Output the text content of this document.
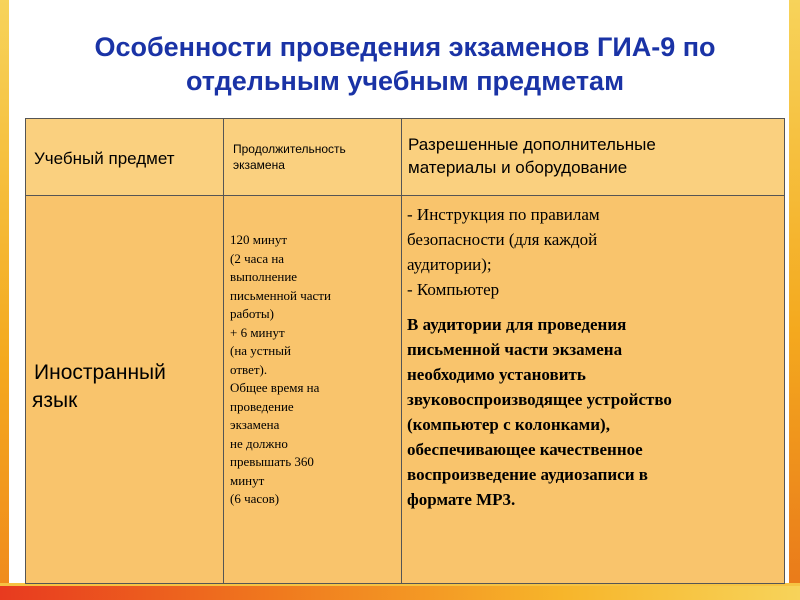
Особенности проведения экзаменов ГИА-9 по
отдельным учебным предметам
Учебный предмет	Продолжительность
экзамена
Разрешенные дополнительные
материалы и оборудование
Иностранный
язык
120 минут
(2 часа на
выполнение
письменной части
работы)
+ 6 минут
(на устный
ответ).
Общее время на
проведение
экзамена
не должно
превышать 360
минут
(6 часов)
- Инструкция по правилам
безопасности (для каждой
аудитории);
- Компьютер
В аудитории для проведения
письменной части экзамена
необходимо установить
звуковоспроизводящее устройство
(компьютер с колонками),
обеспечивающее качественное
воспроизведение аудиозаписи в
формате МР3.
